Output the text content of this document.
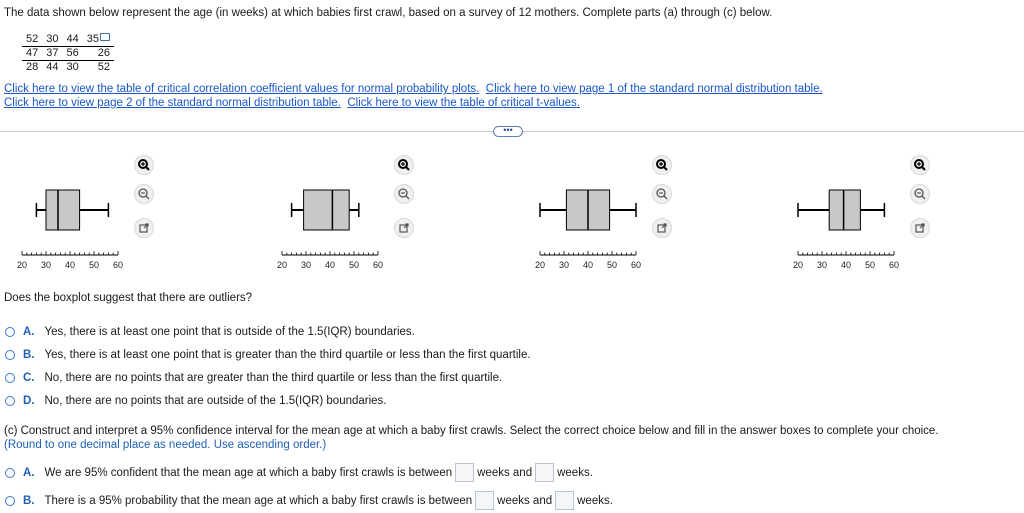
The data shown below represent the age (in weeks) at which babies first crawl, based on a survey of 12 mothers. Complete parts (a) through (c) below.
52	30	44	35
47	37	56	26
28	44	30	52
Click here to view the table of critical correlation coefficient values for normal probability plots. Click here to view page 1 of the standard normal distribution table.
Click here to view page 2 of the standard normal distribution table. Click here to view the table of critical t-values.
•••
20 30 40 50 60	20 30 40 50 60	20 30 40 50 60	20 30 40 50 60
Does the boxplot suggest that there are outliers?
A. Yes, there is at least one point that is outside of the 1.5(IQR) boundaries.
B. Yes, there is at least one point that is greater than the third quartile or less than the first quartile.
C. No, there are no points that are greater than the third quartile or less than the first quartile.
D. No, there are no points that are outside of the 1.5(IQR) boundaries.
(c) Construct and interpret a 95% confidence interval for the mean age at which a baby first crawls. Select the correct choice below and fill in the answer boxes to complete your choice.
(Round to one decimal place as needed. Use ascending order.)
A. We are 95% confident that the mean age at which a baby first crawls is between weeks and weeks.
B. There is a 95% probability that the mean age at which a baby first crawls is between weeks and weeks.
